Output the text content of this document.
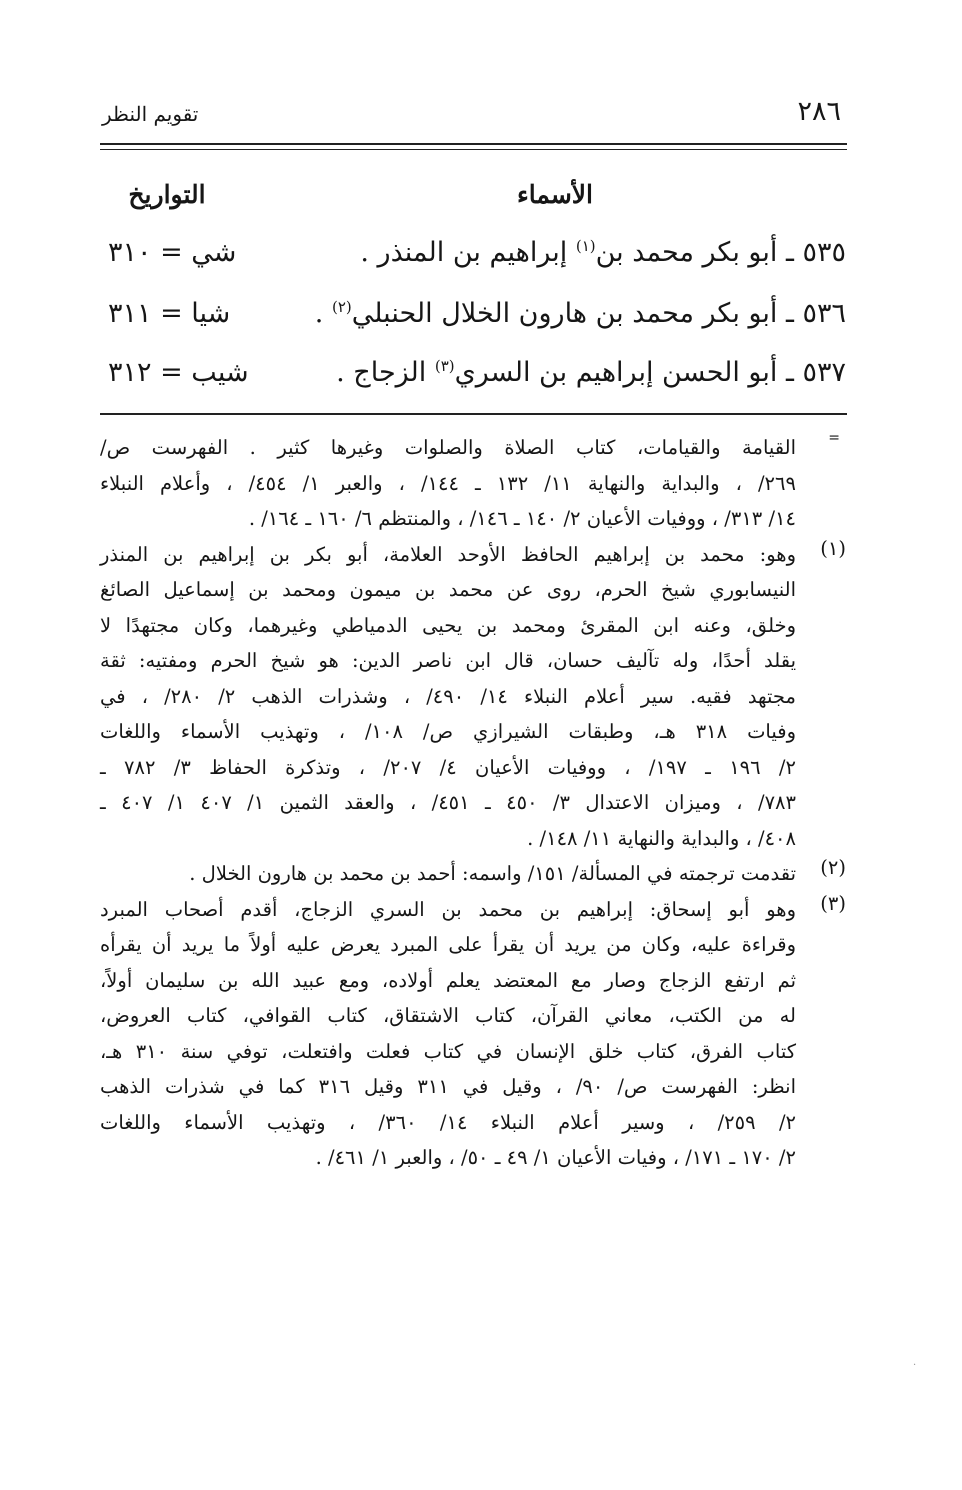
٢٨٦
تقويم النظر
الأسماء
التواريخ
٥٣٥ ـ أبو بكر محمد بن$^{(١)}$ إبراهيم بن المنذر .
شي = ٣١٠
٥٣٦ ـ أبو بكر محمد بن هارون الخلال الحنبلي$^{(٢)}$ .
شيا = ٣١١
٥٣٧ ـ أبو الحسن إبراهيم بن السري$^{(٣)}$ الزجاج .
شيب = ٣١٢
=
القيامة والقيامات، كتاب الصلاة والصلوات وغيرها كثير . الفهرست ص/
٢٦٩/ ، والبداية والنهاية ١١/ ١٣٢ ـ ١٤٤/ ، والعبر ١/ ٤٥٤/ ، وأعلام النبلاء
١٤/ ٣١٣/ ، ووفيات الأعيان ٢/ ١٤٠ ـ ١٤٦/ ، والمنتظم ٦/ ١٦٠ ـ ١٦٤/ .
(١)
وهو: محمد بن إبراهيم الحافظ الأوحد العلامة، أبو بكر بن إبراهيم بن المنذر
النيسابوري شيخ الحرم، روى عن محمد بن ميمون ومحمد بن إسماعيل الصائغ
وخلق، وعنه ابن المقرئ ومحمد بن يحيى الدمياطي وغيرهما، وكان مجتهدًا لا
يقلد أحدًا، وله تآليف حسان، قال ابن ناصر الدين: هو شيخ الحرم ومفتيه: ثقة
مجتهد فقيه. سير أعلام النبلاء ١٤/ ٤٩٠/ ، وشذرات الذهب ٢/ ٢٨٠/ ، في
وفيات ٣١٨ هـ، وطبقات الشيرازي ص/ ١٠٨/ ، وتهذيب الأسماء واللغات
٢/ ١٩٦ ـ ١٩٧/ ، ووفيات الأعيان ٤/ ٢٠٧/ ، وتذكرة الحفاظ ٣/ ٧٨٢ ـ
٧٨٣/ ، وميزان الاعتدال ٣/ ٤٥٠ ـ ٤٥١/ ، والعقد الثمين ١/ ٤٠٧ ١/ ٤٠٧ ـ
٤٠٨/ ، والبداية والنهاية ١١/ ١٤٨/ .
(٢)
تقدمت ترجمته في المسألة/ ١٥١/ واسمه: أحمد بن محمد بن هارون الخلال .
(٣)
وهو أبو إسحاق: إبراهيم بن محمد بن السري الزجاج، أقدم أصحاب المبرد
وقراءة عليه، وكان من يريد أن يقرأ على المبرد يعرض عليه أولاً ما يريد أن يقرأه
ثم ارتفع الزجاج وصار مع المعتضد يعلم أولاده، ومع عبيد الله بن سليمان أولاً،
له من الكتب، معاني القرآن، كتاب الاشتقاق، كتاب القوافي، كتاب العروض،
كتاب الفرق، كتاب خلق الإنسان في كتاب فعلت وافتعلت، توفي سنة ٣١٠ هـ،
انظر: الفهرست ص/ ٩٠/ ، وقيل في ٣١١ وقيل ٣١٦ كما في شذرات الذهب
٢/ ٢٥٩/ ، وسير أعلام النبلاء ١٤/ ٣٦٠/ ، وتهذيب الأسماء واللغات
٢/ ١٧٠ ـ ١٧١/ ، وفيات الأعيان ١/ ٤٩ ـ ٥٠/ ، والعبر ١/ ٤٦١/ .
·
